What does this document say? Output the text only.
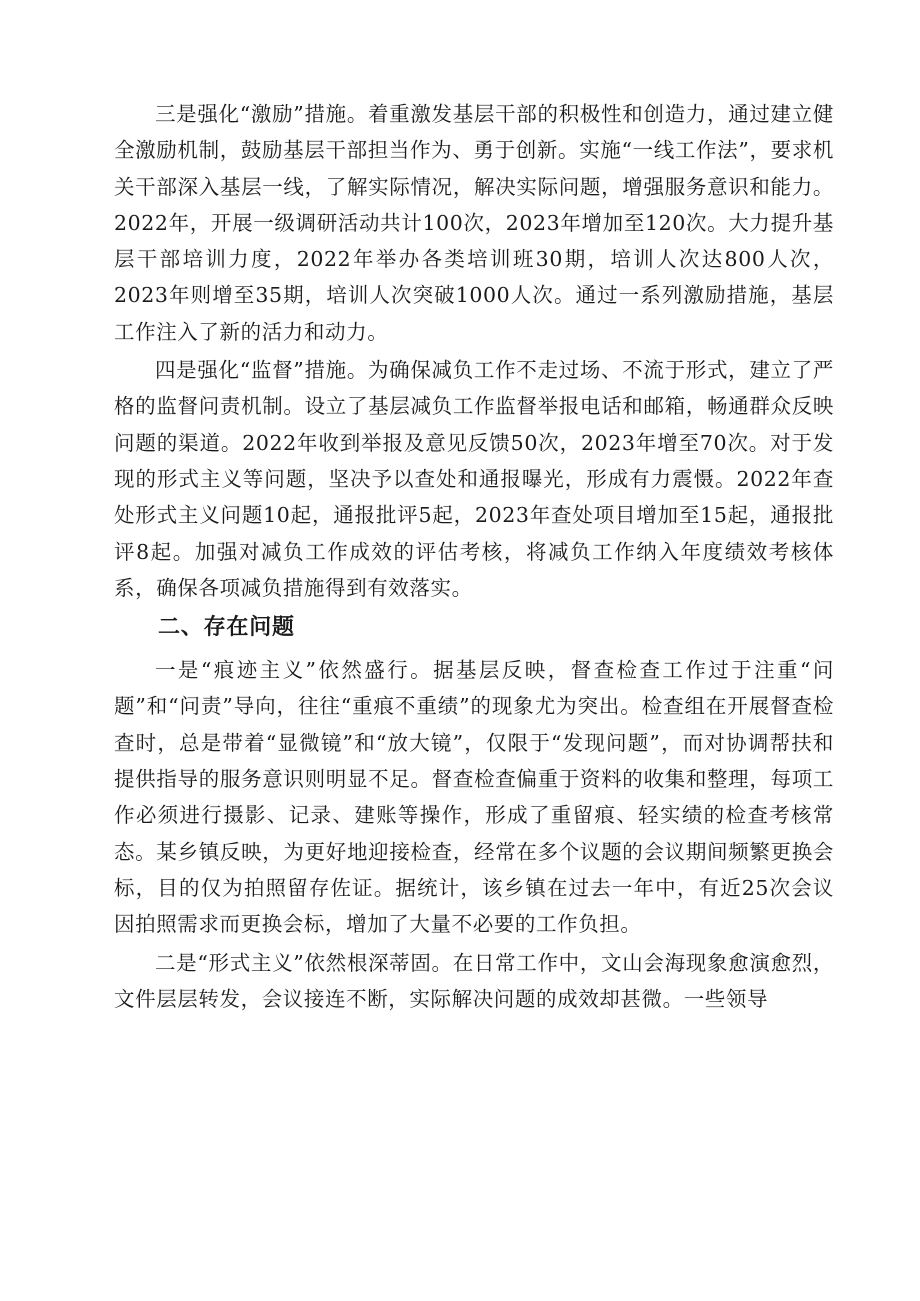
三是强化“激励”措施。着重激发基层干部的积极性和创造力，通过建立健全激励机制，鼓励基层干部担当作为、勇于创新。实施“一线工作法”，要求机关干部深入基层一线，了解实际情况，解决实际问题，增强服务意识和能力。2022年，开展一级调研活动共计100次，2023年增加至120次。大力提升基层干部培训力度，2022年举办各类培训班30期，培训人次达800人次，2023年则增至35期，培训人次突破1000人次。通过一系列激励措施，基层工作注入了新的活力和动力。

四是强化“监督”措施。为确保减负工作不走过场、不流于形式，建立了严格的监督问责机制。设立了基层减负工作监督举报电话和邮箱，畅通群众反映问题的渠道。2022年收到举报及意见反馈50次，2023年增至70次。对于发现的形式主义等问题，坚决予以查处和通报曝光，形成有力震慑。2022年查处形式主义问题10起，通报批评5起，2023年查处项目增加至15起，通报批评8起。加强对减负工作成效的评估考核，将减负工作纳入年度绩效考核体系，确保各项减负措施得到有效落实。

二、存在问题

一是“痕迹主义”依然盛行。据基层反映，督查检查工作过于注重“问题”和“问责”导向，往往“重痕不重绩”的现象尤为突出。检查组在开展督查检查时，总是带着“显微镜”和“放大镜”，仅限于“发现问题”，而对协调帮扶和提供指导的服务意识则明显不足。督查检查偏重于资料的收集和整理，每项工作必须进行摄影、记录、建账等操作，形成了重留痕、轻实绩的检查考核常态。某乡镇反映，为更好地迎接检查，经常在多个议题的会议期间频繁更换会标，目的仅为拍照留存佐证。据统计，该乡镇在过去一年中，有近25次会议因拍照需求而更换会标，增加了大量不必要的工作负担。

二是“形式主义”依然根深蒂固。在日常工作中，文山会海现象愈演愈烈，文件层层转发，会议接连不断，实际解决问题的成效却甚微。一些领导
